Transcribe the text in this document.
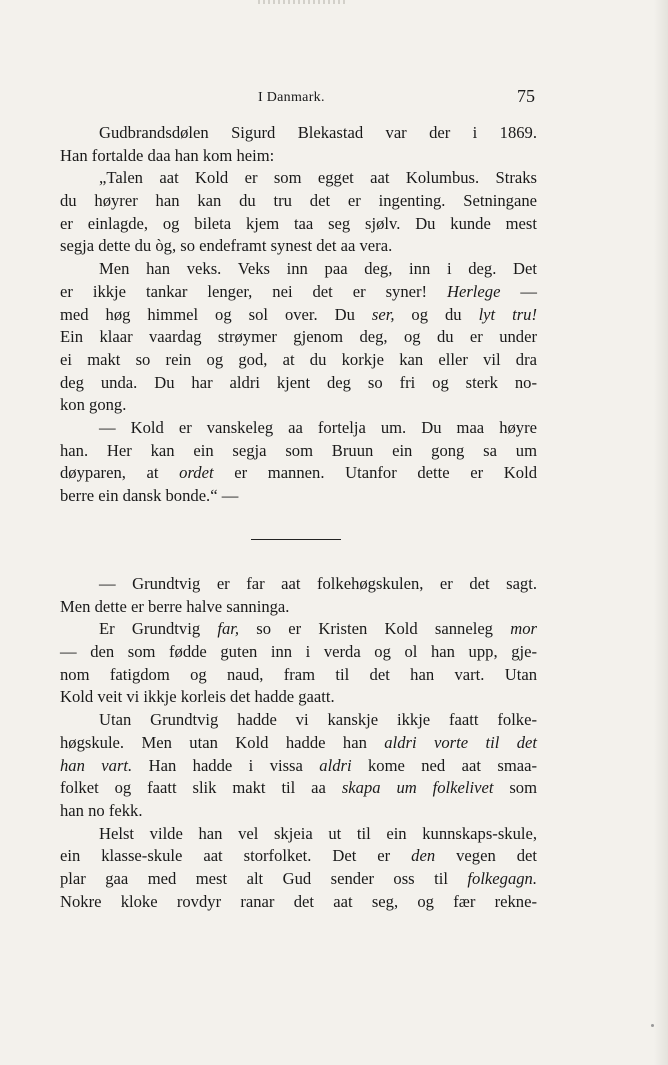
I Danmark.	75
Gudbrandsdølen Sigurd Blekastad var der i 1869.
Han fortalde daa han kom heim:
„Talen aat Kold er som egget aat Kolumbus. Straks
du høyrer han kan du tru det er ingenting. Setningane
er einlagde, og bileta kjem taa seg sjølv. Du kunde mest
segja dette du òg, so endeframt synest det aa vera.
Men han veks. Veks inn paa deg, inn i deg. Det
er ikkje tankar lenger, nei det er syner! Herlege —
med høg himmel og sol over. Du ser, og du lyt tru!
Ein klaar vaardag strøymer gjenom deg, og du er under
ei makt so rein og god, at du korkje kan eller vil dra
deg unda. Du har aldri kjent deg so fri og sterk no-
kon gong.
— Kold er vanskeleg aa fortelja um. Du maa høyre
han. Her kan ein segja som Bruun ein gong sa um
døyparen, at ordet er mannen. Utanfor dette er Kold
berre ein dansk bonde.“ —
— Grundtvig er far aat folkehøgskulen, er det sagt.
Men dette er berre halve sanninga.
Er Grundtvig far, so er Kristen Kold sanneleg mor
— den som fødde guten inn i verda og ol han upp, gje-
nom fatigdom og naud, fram til det han vart. Utan
Kold veit vi ikkje korleis det hadde gaatt.
Utan Grundtvig hadde vi kanskje ikkje faatt folke-
høgskule. Men utan Kold hadde han aldri vorte til det
han vart. Han hadde i vissa aldri kome ned aat smaa-
folket og faatt slik makt til aa skapa um folkelivet som
han no fekk.
Helst vilde han vel skjeia ut til ein kunnskaps-skule,
ein klasse-skule aat storfolket. Det er den vegen det
plar gaa med mest alt Gud sender oss til folkegagn.
Nokre kloke rovdyr ranar det aat seg, og fær rekne-
